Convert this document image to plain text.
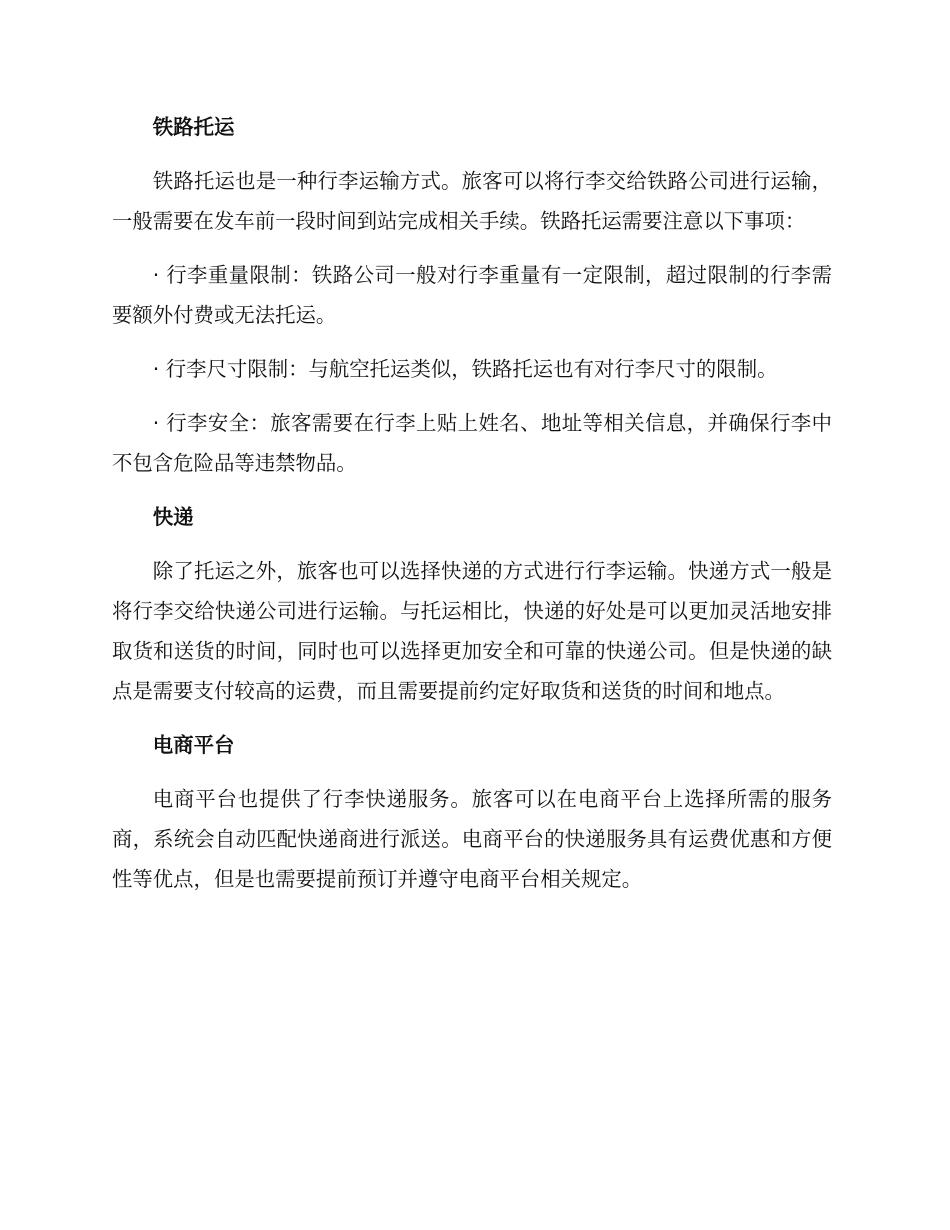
铁路托运
铁路托运也是一种行李运输方式。旅客可以将行李交给铁路公司进行运输，一般需要在发车前一段时间到站完成相关手续。铁路托运需要注意以下事项：
· 行李重量限制：铁路公司一般对行李重量有一定限制，超过限制的行李需要额外付费或无法托运。
· 行李尺寸限制：与航空托运类似，铁路托运也有对行李尺寸的限制。
· 行李安全：旅客需要在行李上贴上姓名、地址等相关信息，并确保行李中不包含危险品等违禁物品。
快递
除了托运之外，旅客也可以选择快递的方式进行行李运输。快递方式一般是将行李交给快递公司进行运输。与托运相比，快递的好处是可以更加灵活地安排取货和送货的时间，同时也可以选择更加安全和可靠的快递公司。但是快递的缺点是需要支付较高的运费，而且需要提前约定好取货和送货的时间和地点。
电商平台
电商平台也提供了行李快递服务。旅客可以在电商平台上选择所需的服务商，系统会自动匹配快递商进行派送。电商平台的快递服务具有运费优惠和方便性等优点，但是也需要提前预订并遵守电商平台相关规定。
